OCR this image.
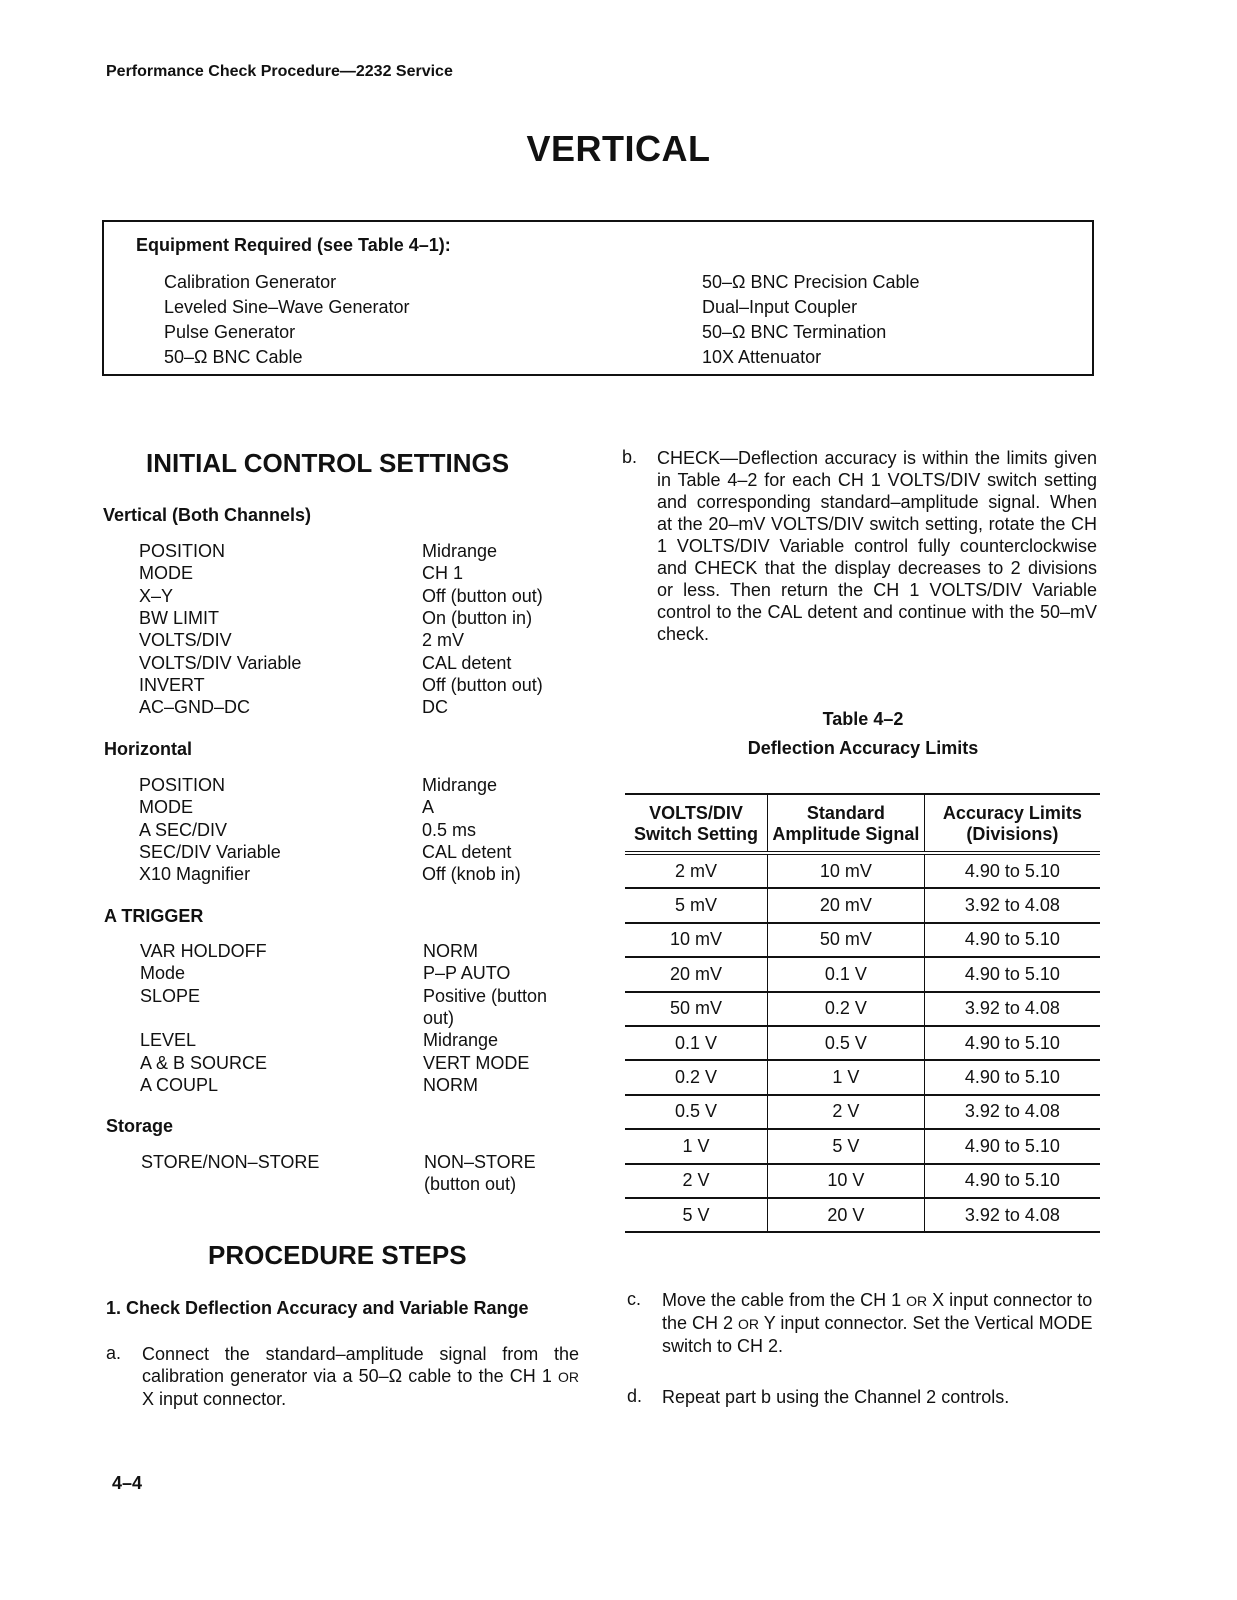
Performance Check Procedure—2232 Service
VERTICAL
Equipment Required (see Table 4–1):
Calibration Generator
Leveled Sine–Wave Generator
Pulse Generator
50–Ω BNC Cable
50–Ω BNC Precision Cable
Dual–Input Coupler
50–Ω BNC Termination
10X Attenuator
INITIAL CONTROL SETTINGS
Vertical (Both Channels)
POSITION	Midrange
MODE	CH 1
X–Y	Off (button out)
BW LIMIT	On (button in)
VOLTS/DIV	2 mV
VOLTS/DIV Variable	CAL detent
INVERT	Off (button out)
AC–GND–DC	DC
Horizontal
POSITION	Midrange
MODE	A
A SEC/DIV	0.5 ms
SEC/DIV Variable	CAL detent
X10 Magnifier	Off (knob in)
A TRIGGER
VAR HOLDOFF	NORM
Mode	P–P AUTO
SLOPE	Positive (button out)
LEVEL	Midrange
A & B SOURCE	VERT MODE
A COUPL	NORM
Storage
STORE/NON–STORE	NON–STORE (button out)
PROCEDURE STEPS
1. Check Deflection Accuracy and Variable Range
a. Connect the standard–amplitude signal from the calibration generator via a 50–Ω cable to the CH 1 OR X input connector.
b. CHECK—Deflection accuracy is within the limits given in Table 4–2 for each CH 1 VOLTS/DIV switch setting and corresponding standard–amplitude signal. When at the 20–mV VOLTS/DIV switch setting, rotate the CH 1 VOLTS/DIV Variable control fully counterclockwise and CHECK that the display decreases to 2 divisions or less. Then return the CH 1 VOLTS/DIV Variable control to the CAL detent and continue with the 50–mV check.
Table 4–2
Deflection Accuracy Limits
VOLTS/DIV Switch Setting	Standard Amplitude Signal	Accuracy Limits (Divisions)
2 mV	10 mV	4.90 to 5.10
5 mV	20 mV	3.92 to 4.08
10 mV	50 mV	4.90 to 5.10
20 mV	0.1 V	4.90 to 5.10
50 mV	0.2 V	3.92 to 4.08
0.1 V	0.5 V	4.90 to 5.10
0.2 V	1 V	4.90 to 5.10
0.5 V	2 V	3.92 to 4.08
1 V	5 V	4.90 to 5.10
2 V	10 V	4.90 to 5.10
5 V	20 V	3.92 to 4.08
c. Move the cable from the CH 1 OR X input connector to the CH 2 OR Y input connector. Set the Vertical MODE switch to CH 2.
d. Repeat part b using the Channel 2 controls.
4–4
